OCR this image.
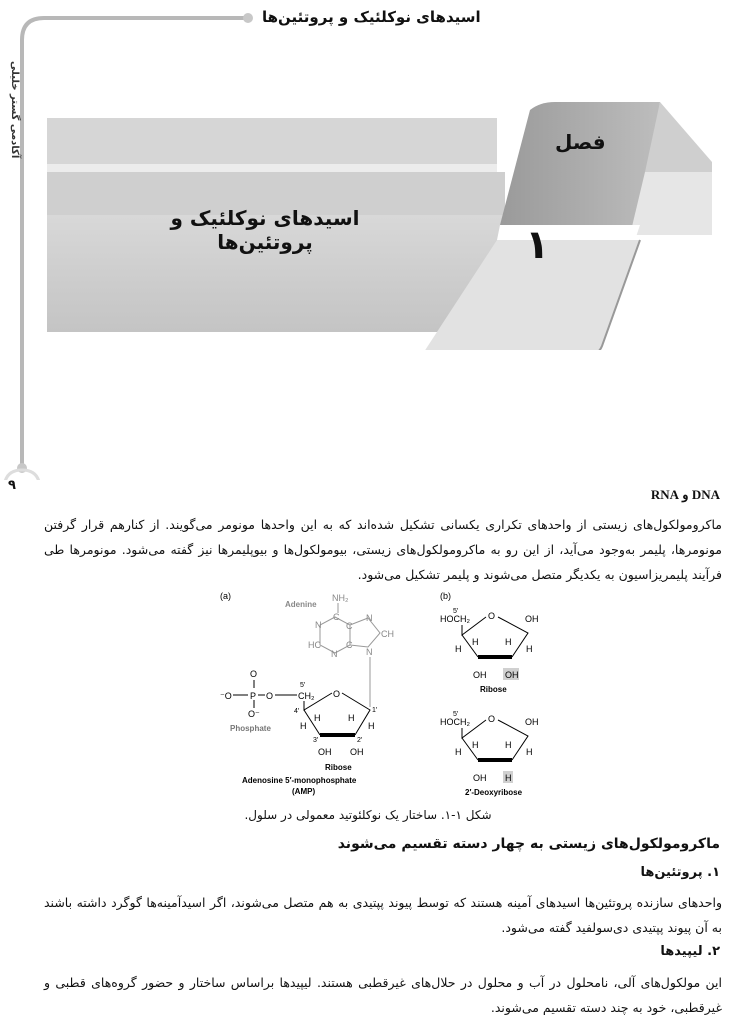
اسیدهای نوکلئیک و پروتئین‌ها
آکادمی گستر خلیلی
۹
فصل
۱
اسیدهای نوکلئیک و پروتئین‌ها
DNA و RNA
ماکرومولکول‌های زیستی از واحدهای تکراری یکسانی تشکیل شده‌اند که به این واحدها مونومر می‌گویند. از کنارهم قرار گرفتن مونومرها، پلیمر به‌وجود می‌آید، از این رو به ماکرومولکول‌های زیستی، بیومولکول‌ها و بیوپلیمرها نیز گفته می‌شود. مونومرها طی فرآیند پلیمریزاسیون به یکدیگر متصل می‌شوند و پلیمر تشکیل می‌شود.
(a)	(b)
Adenine
NH₂
N
C
C
C
N
HC
N
CH
N
⁻O P O
O
O⁻
Phosphate
5′
CH₂ O
H	H
H	H
OH OH
4′	1′
3′	2′
Ribose
Adenosine 5′-monophosphate
(AMP)
HOCH₂
5′	O	OH
H	H
H	H
OH OH
Ribose
HOCH₂
5′	O	OH
H	H
H	H
OH H
2′-Deoxyribose
شکل ۱-۱. ساختار یک نوکلئوتید معمولی در سلول.
ماکرومولکول‌های زیستی به چهار دسته تقسیم می‌شوند
۱. پروتئین‌ها
واحدهای سازنده پروتئین‌ها اسیدهای آمینه هستند که توسط پیوند پپتیدی به هم متصل می‌شوند، اگر اسیدآمینه‌ها گوگرد داشته باشند به آن پیوند پپتیدی دی‌سولفید گفته می‌شود.
۲. لیپیدها
این مولکول‌های آلی، نامحلول در آب و محلول در حلال‌های غیرقطبی هستند. لیپیدها براساس ساختار و حضور گروه‌های قطبی و غیرقطبی، خود به چند دسته تقسیم می‌شوند.
